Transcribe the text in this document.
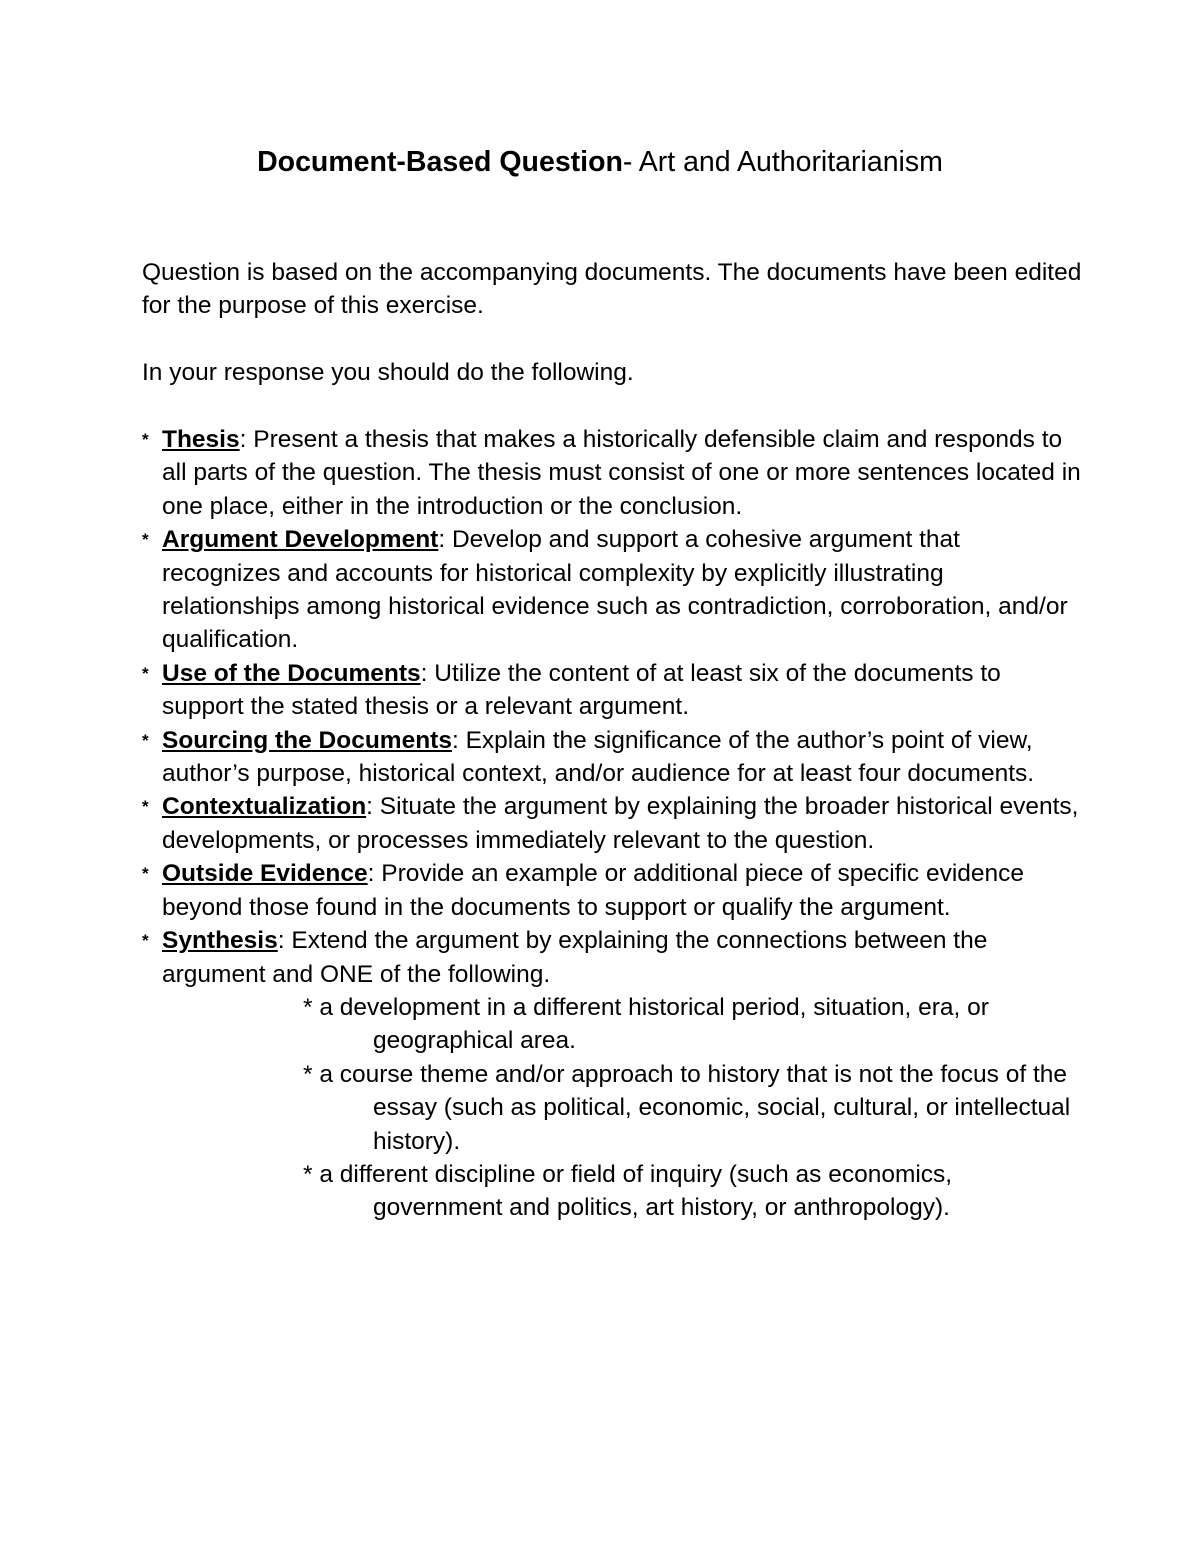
Document-Based Question- Art and Authoritarianism

Question is based on the accompanying documents. The documents have been edited for the purpose of this exercise.

In your response you should do the following.

* Thesis: Present a thesis that makes a historically defensible claim and responds to all parts of the question. The thesis must consist of one or more sentences located in one place, either in the introduction or the conclusion.
* Argument Development: Develop and support a cohesive argument that recognizes and accounts for historical complexity by explicitly illustrating relationships among historical evidence such as contradiction, corroboration, and/or qualification.
* Use of the Documents: Utilize the content of at least six of the documents to support the stated thesis or a relevant argument.
* Sourcing the Documents: Explain the significance of the author’s point of view, author’s purpose, historical context, and/or audience for at least four documents.
* Contextualization: Situate the argument by explaining the broader historical events, developments, or processes immediately relevant to the question.
* Outside Evidence: Provide an example or additional piece of specific evidence beyond those found in the documents to support or qualify the argument.
* Synthesis: Extend the argument by explaining the connections between the argument and ONE of the following.
* a development in a different historical period, situation, era, or geographical area.
* a course theme and/or approach to history that is not the focus of the essay (such as political, economic, social, cultural, or intellectual history).
* a different discipline or field of inquiry (such as economics, government and politics, art history, or anthropology).
